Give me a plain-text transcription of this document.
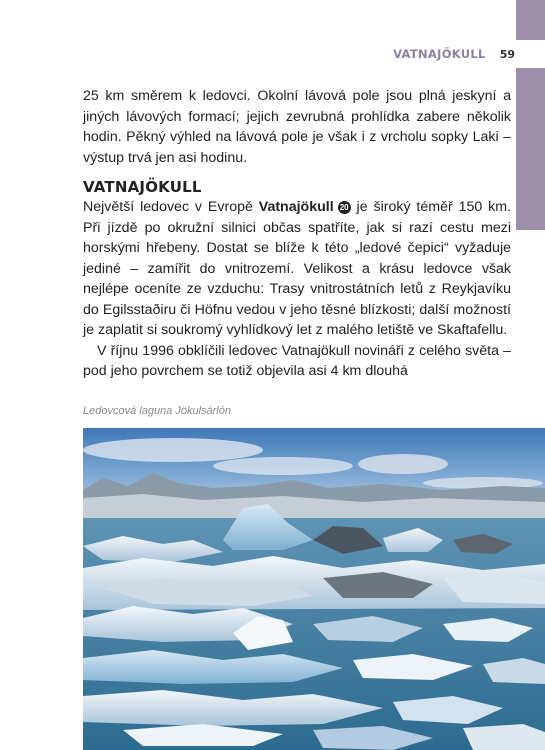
VATNAJÖKULL 59

25 km směrem k ledovci. Okolní lávová pole jsou plná jeskyní a jiných lávových formací; jejich zevrubná prohlídka zabere několik hodin. Pěkný výhled na lávová pole je však i z vrcholu sopky Laki – výstup trvá jen asi hodinu.

VATNAJÖKULL

Největší ledovec v Evropě Vatnajökull 20 je široký téměř 150 km. Při jízdě po okružní silnici občas spatříte, jak si razí cestu mezi horskými hřebeny. Dostat se blíže k této „ledové čepici“ vyžaduje jediné – zamířit do vnitrozemí. Velikost a krásu ledovce však nejlépe oceníte ze vzduchu: Trasy vnitrostátních letů z Reykjavíku do Egilsstaðiru či Höfnu vedou v jeho těsné blízkosti; další možností je zaplatit si soukromý vyhlídkový let z malého letiště ve Skaftafellu.

V říjnu 1996 obklíčili ledovec Vatnajökull novináři z celého světa – pod jeho povrchem se totiž objevila asi 4 km dlouhá

Ledovcová laguna Jökulsárlón
